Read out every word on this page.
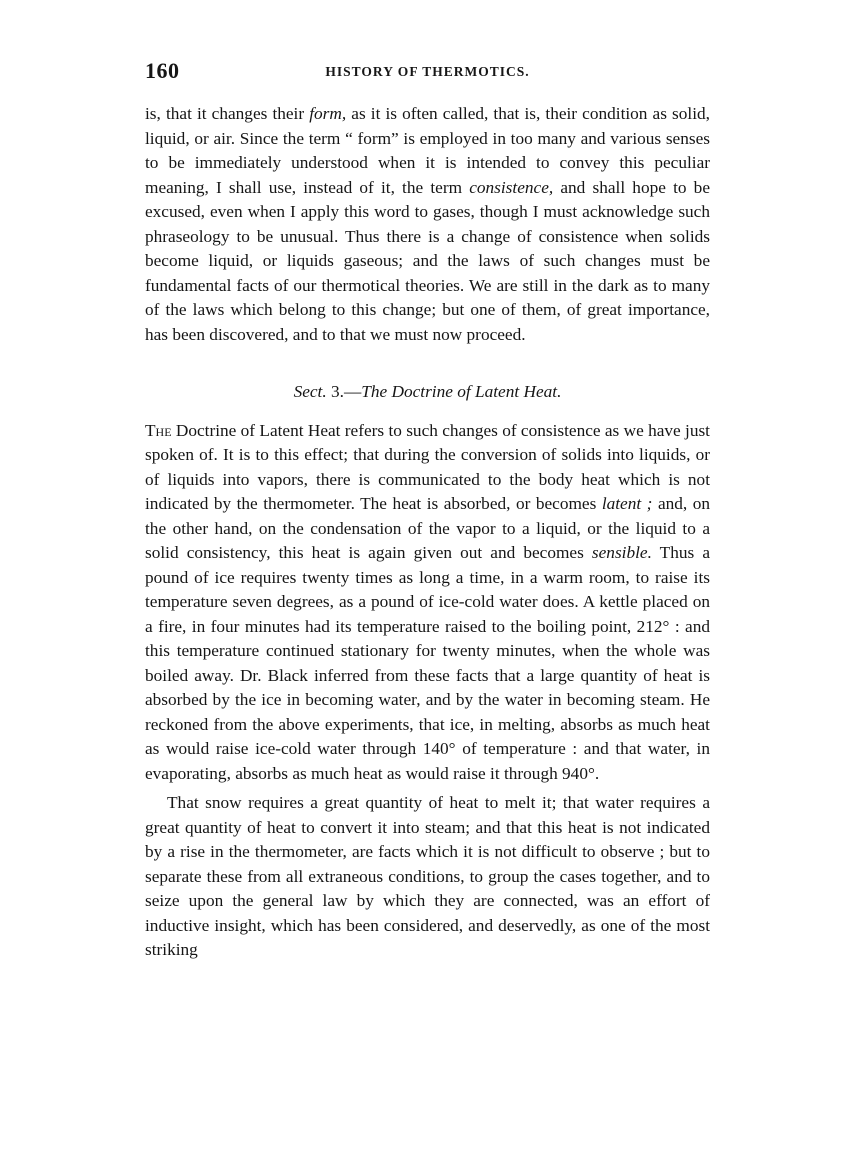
160	HISTORY OF THERMOTICS.

is, that it changes their form, as it is often called, that is, their condition as solid, liquid, or air. Since the term “ form” is employed in too many and various senses to be immediately understood when it is intended to convey this peculiar meaning, I shall use, instead of it, the term consistence, and shall hope to be excused, even when I apply this word to gases, though I must acknowledge such phraseology to be unusual. Thus there is a change of consistence when solids become liquid, or liquids gaseous; and the laws of such changes must be fundamental facts of our thermotical theories. We are still in the dark as to many of the laws which belong to this change; but one of them, of great importance, has been discovered, and to that we must now proceed.

Sect. 3.—The Doctrine of Latent Heat.

The Doctrine of Latent Heat refers to such changes of consistence as we have just spoken of. It is to this effect; that during the conversion of solids into liquids, or of liquids into vapors, there is communicated to the body heat which is not indicated by the thermometer. The heat is absorbed, or becomes latent ; and, on the other hand, on the condensation of the vapor to a liquid, or the liquid to a solid consistency, this heat is again given out and becomes sensible. Thus a pound of ice requires twenty times as long a time, in a warm room, to raise its temperature seven degrees, as a pound of ice-cold water does. A kettle placed on a fire, in four minutes had its temperature raised to the boiling point, 212° : and this temperature continued stationary for twenty minutes, when the whole was boiled away. Dr. Black inferred from these facts that a large quantity of heat is absorbed by the ice in becoming water, and by the water in becoming steam. He reckoned from the above experiments, that ice, in melting, absorbs as much heat as would raise ice-cold water through 140° of temperature : and that water, in evaporating, absorbs as much heat as would raise it through 940°.

That snow requires a great quantity of heat to melt it; that water requires a great quantity of heat to convert it into steam; and that this heat is not indicated by a rise in the thermometer, are facts which it is not difficult to observe ; but to separate these from all extraneous conditions, to group the cases together, and to seize upon the general law by which they are connected, was an effort of inductive insight, which has been considered, and deservedly, as one of the most striking
